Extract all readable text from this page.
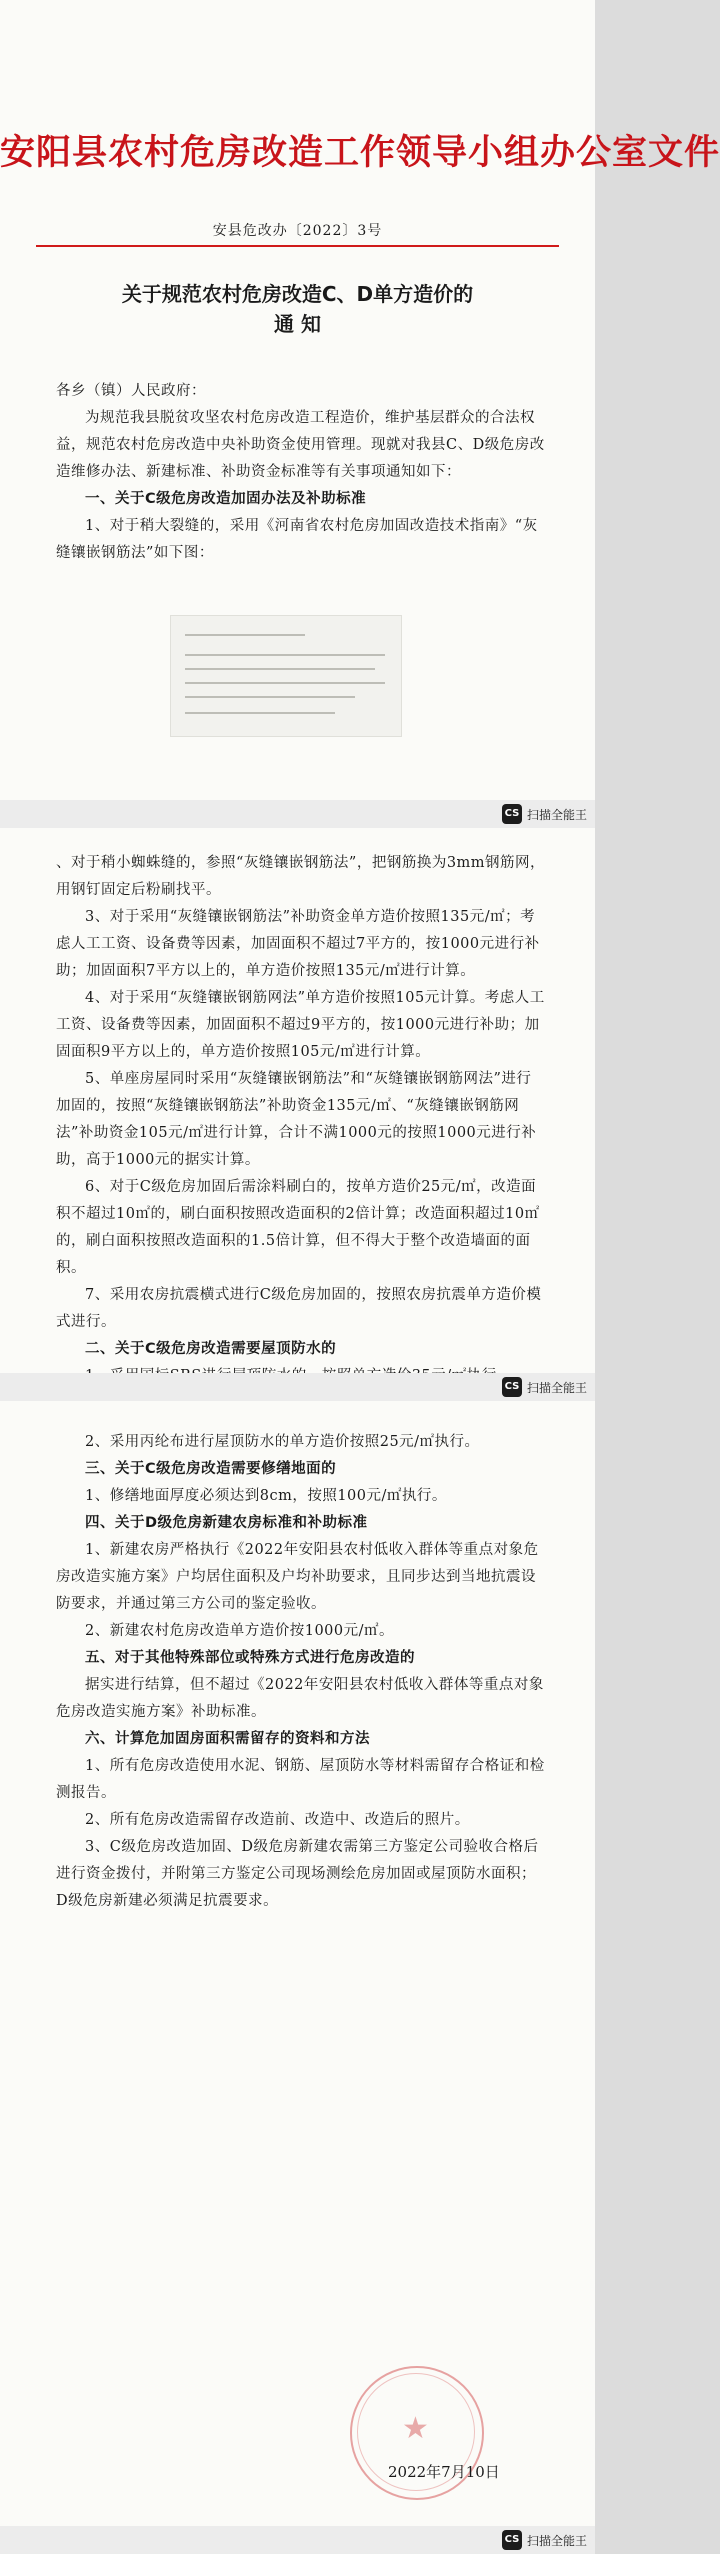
安阳县农村危房改造工作领导小组办公室文件
安县危改办〔2022〕3号
关于规范农村危房改造C、D单方造价的
通 知

各乡（镇）人民政府：

为规范我县脱贫攻坚农村危房改造工程造价，维护基层群众的合法权益，规范农村危房改造中央补助资金使用管理。现就对我县C、D级危房改造维修办法、新建标准、补助资金标准等有关事项通知如下：

一、关于C级危房改造加固办法及补助标准

1、对于稍大裂缝的，采用《河南省农村危房加固改造技术指南》“灰缝镶嵌钢筋法”如下图：

CS 扫描全能王

、对于稍小蜘蛛缝的，参照“灰缝镶嵌钢筋法”，把钢筋换为3mm钢筋网，用钢钉固定后粉刷找平。

3、对于采用“灰缝镶嵌钢筋法”补助资金单方造价按照135元/㎡；考虑人工工资、设备费等因素，加固面积不超过7平方的，按1000元进行补助；加固面积7平方以上的，单方造价按照135元/㎡进行计算。

4、对于采用“灰缝镶嵌钢筋网法”单方造价按照105元计算。考虑人工工资、设备费等因素，加固面积不超过9平方的，按1000元进行补助；加固面积9平方以上的，单方造价按照105元/㎡进行计算。

5、单座房屋同时采用“灰缝镶嵌钢筋法”和“灰缝镶嵌钢筋网法”进行加固的，按照“灰缝镶嵌钢筋法”补助资金135元/㎡、“灰缝镶嵌钢筋网法”补助资金105元/㎡进行计算，合计不满1000元的按照1000元进行补助，高于1000元的据实计算。

6、对于C级危房加固后需涂料刷白的，按单方造价25元/㎡，改造面积不超过10㎡的，刷白面积按照改造面积的2倍计算；改造面积超过10㎡的，刷白面积按照改造面积的1.5倍计算，但不得大于整个改造墙面的面积。

7、采用农房抗震横式进行C级危房加固的，按照农房抗震单方造价模式进行。

二、关于C级危房改造需要屋顶防水的

CS 扫描全能王

2、采用丙纶布进行屋顶防水的单方造价按照25元/㎡执行。

三、关于C级危房改造需要修缮地面的

1、修缮地面厚度必须达到8cm，按照100元/㎡执行。

四、关于D级危房新建农房标准和补助标准

1、新建农房严格执行《2022年安阳县农村低收入群体等重点对象危房改造实施方案》户均居住面积及户均补助要求，且同步达到当地抗震设防要求，并通过第三方公司的鉴定验收。

2、新建农村危房改造单方造价按1000元/㎡。

五、对于其他特殊部位或特殊方式进行危房改造的

据实进行结算，但不超过《2022年安阳县农村低收入群体等重点对象危房改造实施方案》补助标准。

六、计算危加固房面积需留存的资料和方法

1、所有危房改造使用水泥、钢筋、屋顶防水等材料需留存合格证和检测报告。

2、所有危房改造需留存改造前、改造中、改造后的照片。

3、C级危房改造加固、D级危房新建农需第三方鉴定公司验收合格后进行资金拨付，并附第三方鉴定公司现场测绘危房加固或屋顶防水面积；D级危房新建必须满足抗震要求。

★
2022年7月10日
CS 扫描全能王
